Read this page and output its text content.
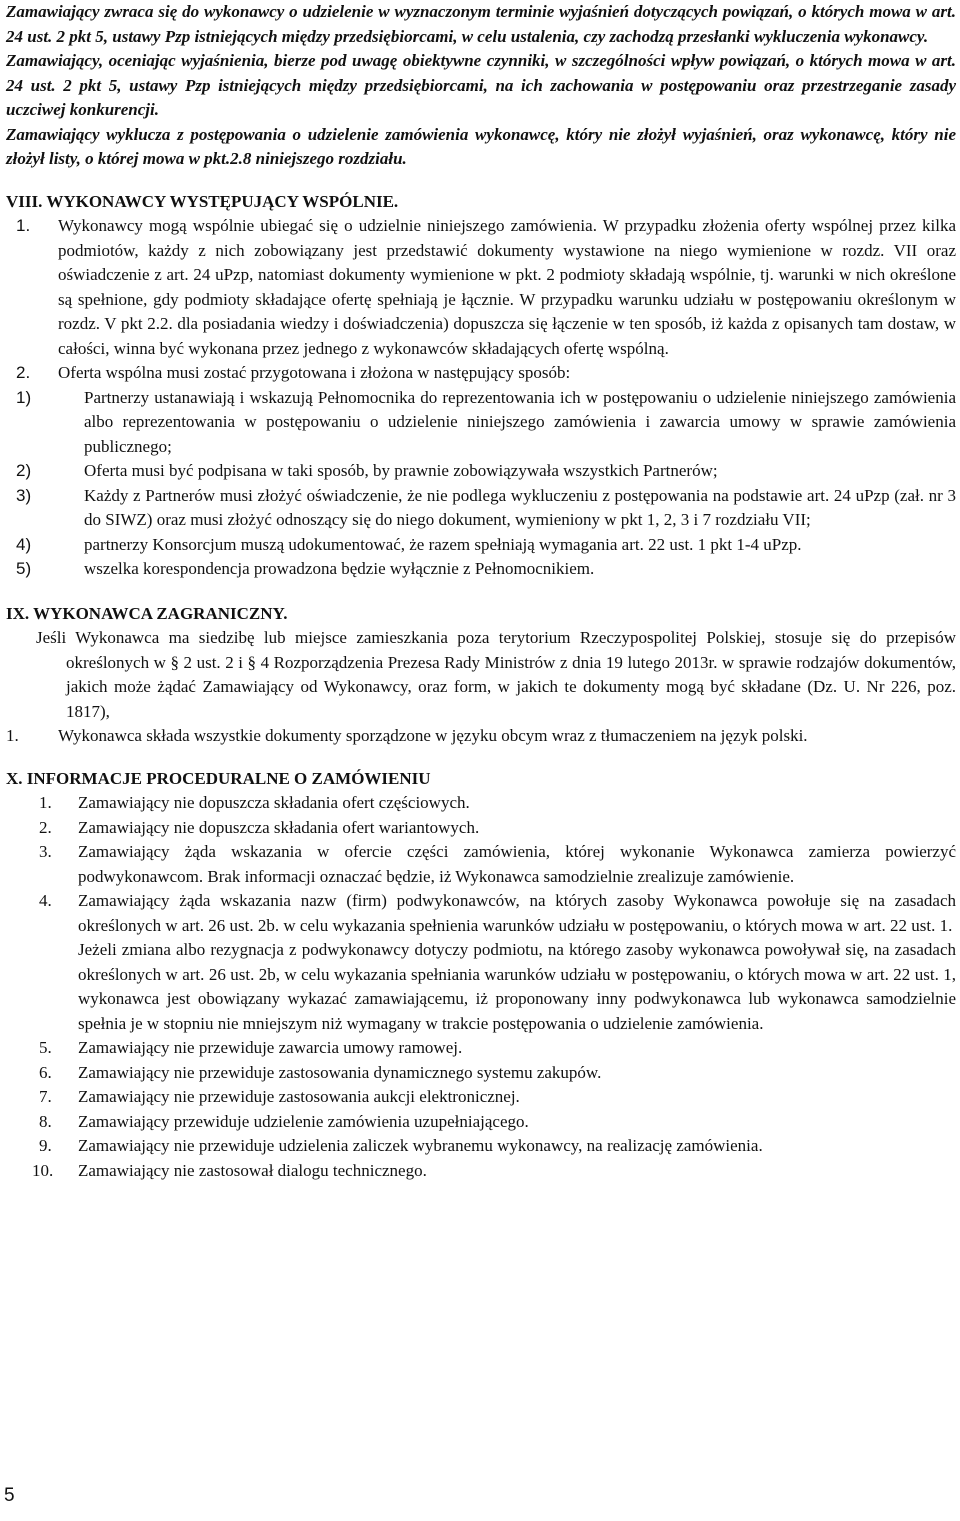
Zamawiający zwraca się do wykonawcy o udzielenie w wyznaczonym terminie wyjaśnień dotyczących powiązań, o których mowa w art. 24 ust. 2 pkt 5, ustawy Pzp istniejących między przedsiębiorcami, w celu ustalenia, czy zachodzą przesłanki wykluczenia wykonawcy.

Zamawiający, oceniając wyjaśnienia, bierze pod uwagę obiektywne czynniki, w szczególności wpływ powiązań, o których mowa w art. 24 ust. 2 pkt 5, ustawy Pzp istniejących między przedsiębiorcami, na ich zachowania w postępowaniu oraz przestrzeganie zasady uczciwej konkurencji.

Zamawiający wyklucza z postępowania o udzielenie zamówienia wykonawcę, który nie złożył wyjaśnień, oraz wykonawcę, który nie złożył listy, o której mowa w pkt.2.8 niniejszego rozdziału.

VIII. WYKONAWCY WYSTĘPUJĄCY WSPÓLNIE.
1. Wykonawcy mogą wspólnie ubiegać się o udzielnie niniejszego zamówienia. W przypadku złożenia oferty wspólnej przez kilka podmiotów, każdy z nich zobowiązany jest przedstawić dokumenty wystawione na niego wymienione w rozdz. VII oraz oświadczenie z art. 24 uPzp, natomiast dokumenty wymienione w pkt. 2 podmioty składają wspólnie, tj. warunki w nich określone są spełnione, gdy podmioty składające ofertę spełniają je łącznie. W przypadku warunku udziału w postępowaniu określonym w rozdz. V pkt 2.2. dla posiadania wiedzy i doświadczenia) dopuszcza się łączenie w ten sposób, iż każda z opisanych tam dostaw, w całości, winna być wykonana przez jednego z wykonawców składających ofertę wspólną.
2. Oferta wspólna musi zostać przygotowana i złożona w następujący sposób:
1)	Partnerzy ustanawiają i wskazują Pełnomocnika do reprezentowania ich w postępowaniu o udzielenie niniejszego zamówienia albo reprezentowania w postępowaniu o udzielenie niniejszego zamówienia i zawarcia umowy w sprawie zamówienia publicznego;
2)	Oferta musi być podpisana w taki sposób, by prawnie zobowiązywała wszystkich Partnerów;
3)	Każdy z Partnerów musi złożyć oświadczenie, że nie podlega wykluczeniu z postępowania na podstawie art. 24 uPzp (zał. nr 3 do SIWZ) oraz musi złożyć odnoszący się do niego dokument, wymieniony w pkt 1, 2, 3 i 7 rozdziału VII;
4)	partnerzy Konsorcjum muszą udokumentować, że razem spełniają wymagania art. 22 ust. 1 pkt 1-4 uPzp.
5)	wszelka korespondencja prowadzona będzie wyłącznie z Pełnomocnikiem.
IX. WYKONAWCA ZAGRANICZNY.

Jeśli Wykonawca ma siedzibę lub miejsce zamieszkania poza terytorium Rzeczypospolitej Polskiej, stosuje się do przepisów określonych w § 2 ust. 2 i § 4 Rozporządzenia Prezesa Rady Ministrów z dnia 19 lutego 2013r. w sprawie rodzajów dokumentów, jakich może żądać Zamawiający od Wykonawcy, oraz form, w jakich te dokumenty mogą być składane (Dz. U. Nr 226, poz. 1817),

1. Wykonawca składa wszystkie dokumenty sporządzone w języku obcym wraz z tłumaczeniem na język polski.
X. INFORMACJE PROCEDURALNE O ZAMÓWIENIU
1. Zamawiający nie dopuszcza składania ofert częściowych.
2. Zamawiający nie dopuszcza składania ofert wariantowych.
3. Zamawiający żąda wskazania w ofercie części zamówienia, której wykonanie Wykonawca zamierza powierzyć podwykonawcom. Brak informacji oznaczać będzie, iż Wykonawca samodzielnie zrealizuje zamówienie.
4. Zamawiający żąda wskazania nazw (firm) podwykonawców, na których zasoby Wykonawca powołuje się na zasadach określonych w art. 26 ust. 2b. w celu wykazania spełnienia warunków udziału w postępowaniu, o których mowa w art. 22 ust. 1.
Jeżeli zmiana albo rezygnacja z podwykonawcy dotyczy podmiotu, na którego zasoby wykonawca powoływał się, na zasadach określonych w art. 26 ust. 2b, w celu wykazania spełniania warunków udziału w postępowaniu, o których mowa w art. 22 ust. 1, wykonawca jest obowiązany wykazać zamawiającemu, iż proponowany inny podwykonawca lub wykonawca samodzielnie spełnia je w stopniu nie mniejszym niż wymagany w trakcie postępowania o udzielenie zamówienia.
5. Zamawiający nie przewiduje zawarcia umowy ramowej.
6. Zamawiający nie przewiduje zastosowania dynamicznego systemu zakupów.
7. Zamawiający nie przewiduje zastosowania aukcji elektronicznej.
8. Zamawiający przewiduje udzielenie zamówienia uzupełniającego.
9. Zamawiający nie przewiduje udzielenia zaliczek wybranemu wykonawcy, na realizację zamówienia.
10. Zamawiający nie zastosował dialogu technicznego.
5
